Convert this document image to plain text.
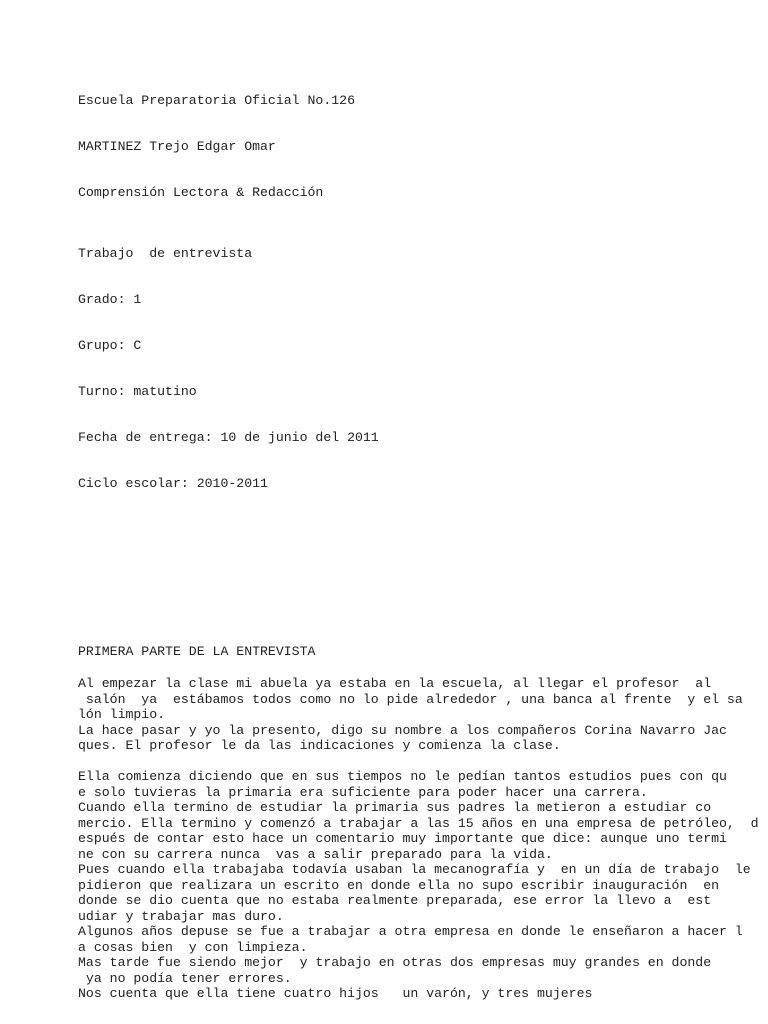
Escuela Preparatoria Oficial No.126

MARTINEZ Trejo Edgar Omar

Comprensión Lectora & Redacción

Trabajo  de entrevista

Grado: 1

Grupo: C

Turno: matutino

Fecha de entrega: 10 de junio del 2011

Ciclo escolar: 2010-2011

PRIMERA PARTE DE LA ENTREVISTA

Al empezar la clase mi abuela ya estaba en la escuela, al llegar el profesor  al
salón  ya  estábamos todos como no lo pide alrededor , una banca al frente  y el sa
lón limpio.
La hace pasar y yo la presento, digo su nombre a los compañeros Corina Navarro Jac
ques. El profesor le da las indicaciones y comienza la clase.
Ella comienza diciendo que en sus tiempos no le pedían tantos estudios pues con qu
e solo tuvieras la primaria era suficiente para poder hacer una carrera.
Cuando ella termino de estudiar la primaria sus padres la metieron a estudiar co
mercio. Ella termino y comenzó a trabajar a las 15 años en una empresa de petróleo,  d
espués de contar esto hace un comentario muy importante que dice: aunque uno termi
ne con su carrera nunca  vas a salir preparado para la vida.
Pues cuando ella trabajaba todavía usaban la mecanografía y  en un día de trabajo  le
pidieron que realizara un escrito en donde ella no supo escribir inauguración  en
donde se dio cuenta que no estaba realmente preparada, ese error la llevo a  est
udiar y trabajar mas duro.
Algunos años depuse se fue a trabajar a otra empresa en donde le enseñaron a hacer l
a cosas bien  y con limpieza.
Mas tarde fue siendo mejor  y trabajo en otras dos empresas muy grandes en donde
ya no podía tener errores.
Nos cuenta que ella tiene cuatro hijos   un varón, y tres mujeres
